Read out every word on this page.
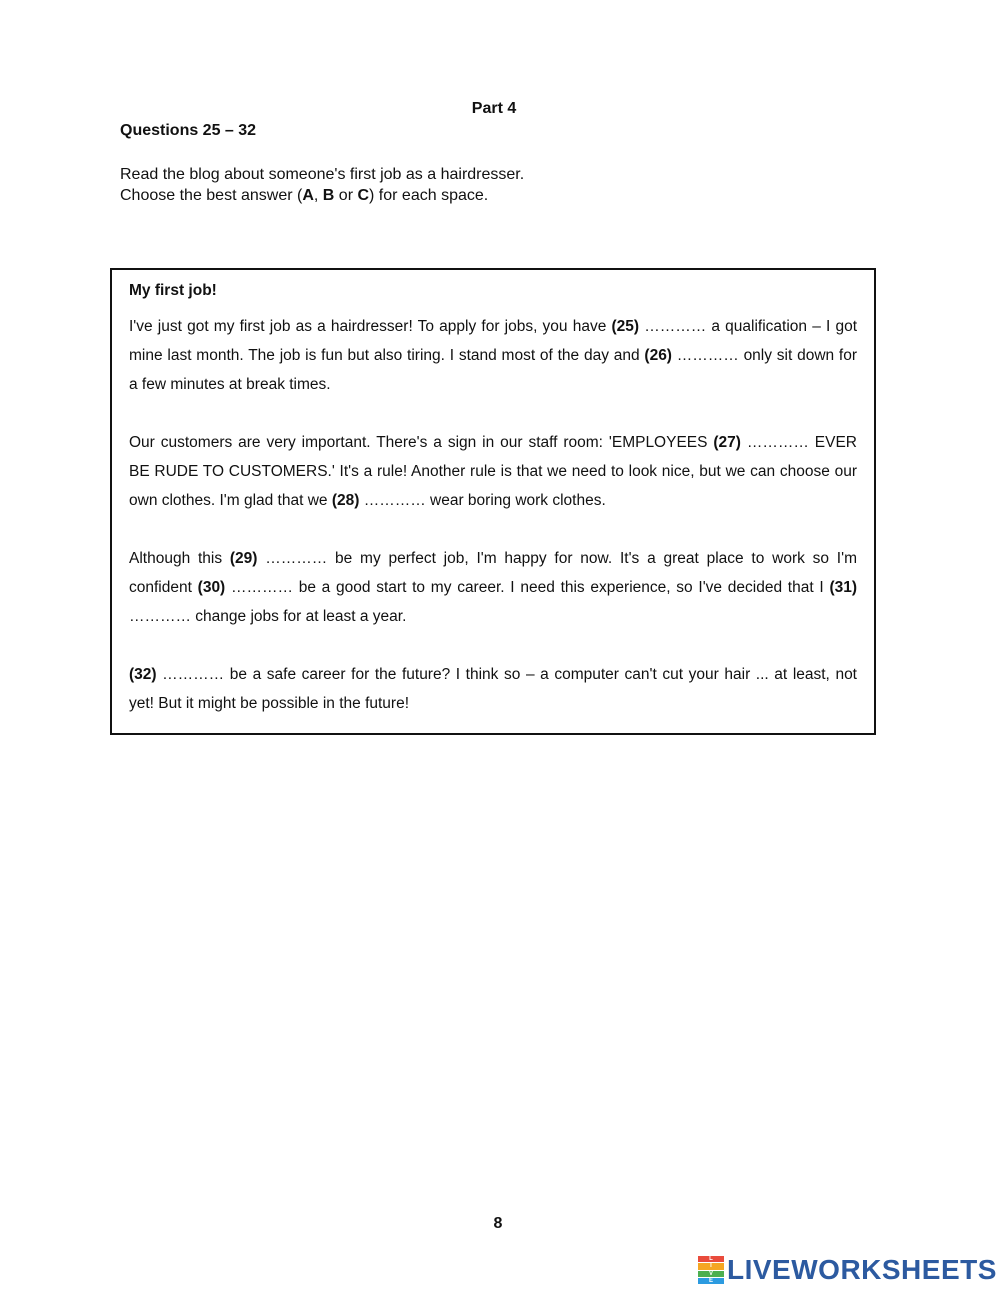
Part 4
Questions 25 – 32

Read the blog about someone's first job as a hairdresser.

Choose the best answer (A, B or C) for each space.

My first job!

I've just got my first job as a hairdresser! To apply for jobs, you have (25) ………… a qualification – I got mine last month. The job is fun but also tiring. I stand most of the day and (26) ………… only sit down for a few minutes at break times.

Our customers are very important. There's a sign in our staff room: 'EMPLOYEES (27) ………… EVER BE RUDE TO CUSTOMERS.' It's a rule! Another rule is that we need to look nice, but we can choose our own clothes. I'm glad that we (28) ………… wear boring work clothes.

Although this (29) ………… be my perfect job, I'm happy for now. It's a great place to work so I'm confident (30) ………… be a good start to my career. I need this experience, so I've decided that I (31) ………… change jobs for at least a year.

(32) ………… be a safe career for the future? I think so – a computer can't cut your hair ... at least, not yet! But it might be possible in the future!

8
L
I
V
E LIVEWORKSHEETS
